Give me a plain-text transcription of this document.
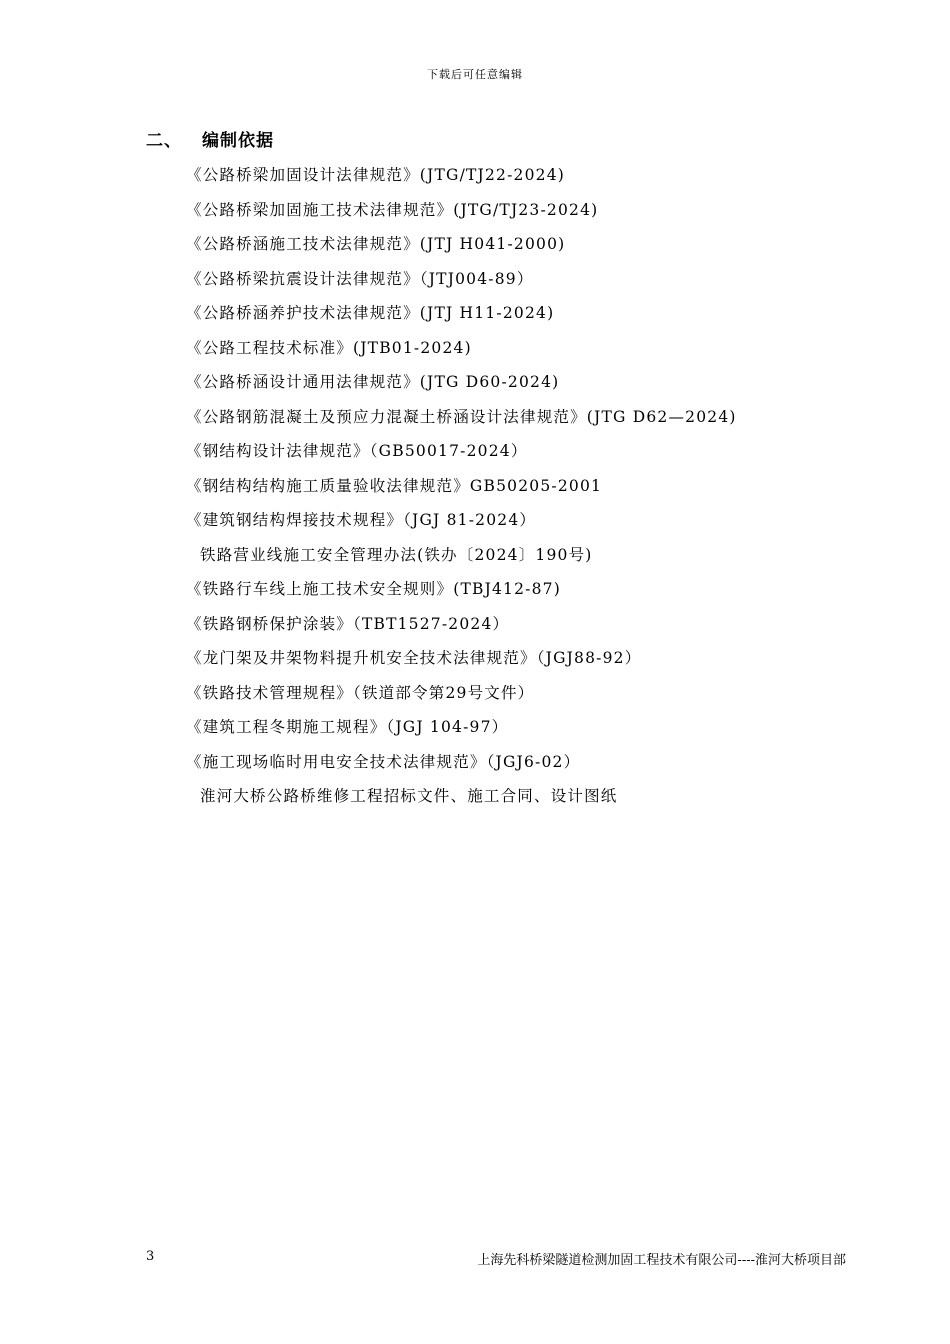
下载后可任意编辑
二、 编制依据
《公路桥梁加固设计法律规范》(JTG/TJ22-2024)
《公路桥梁加固施工技术法律规范》(JTG/TJ23-2024)
《公路桥涵施工技术法律规范》(JTJ H041-2000)
《公路桥梁抗震设计法律规范》（JTJ004-89）
《公路桥涵养护技术法律规范》(JTJ H11-2024)
《公路工程技术标准》(JTB01-2024)
《公路桥涵设计通用法律规范》(JTG D60-2024)
《公路钢筋混凝土及预应力混凝土桥涵设计法律规范》(JTG D62—2024)
《钢结构设计法律规范》（GB50017-2024）
《钢结构结构施工质量验收法律规范》GB50205-2001
《建筑钢结构焊接技术规程》（JGJ 81-2024）
铁路营业线施工安全管理办法(铁办〔2024〕190号)
《铁路行车线上施工技术安全规则》(TBJ412-87)
《铁路钢桥保护涂装》（TBT1527-2024）
《龙门架及井架物料提升机安全技术法律规范》（JGJ88-92）
《铁路技术管理规程》（铁道部令第29号文件）
《建筑工程冬期施工规程》（JGJ 104-97）
《施工现场临时用电安全技术法律规范》（JGJ6-02）
淮河大桥公路桥维修工程招标文件、施工合同、设计图纸
3	上海先科桥梁隧道检测加固工程技术有限公司----淮河大桥项目部
